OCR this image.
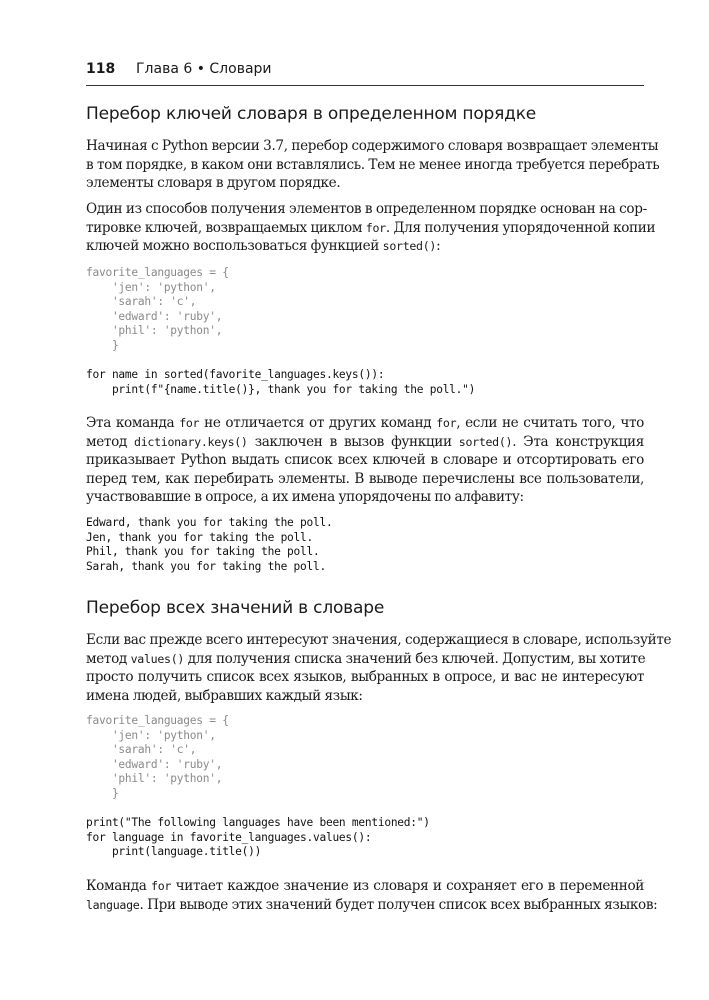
118 Глава 6 • Словари
Перебор ключей словаря в определенном порядке
Начиная с Python версии 3.7, перебор содержимого словаря возвращает элементы
в том порядке, в каком они вставлялись. Тем не менее иногда требуется перебрать
элементы словаря в другом порядке.
Один из способов получения элементов в определенном порядке основан на сор-
тировке ключей, возвращаемых циклом for. Для получения упорядоченной копии
ключей можно воспользоваться функцией sorted():
favorite_languages = {
'jen': 'python',
'sarah': 'c',
'edward': 'ruby',
'phil': 'python',
}
for name in sorted(favorite_languages.keys()):
print(f"{name.title()}, thank you for taking the poll.")
Эта команда for не отличается от других команд for, если не считать того, что
метод dictionary.keys() заключен в вызов функции sorted(). Эта конструкция
приказывает Python выдать список всех ключей в словаре и отсортировать его
перед тем, как перебирать элементы. В выводе перечислены все пользователи,
участвовавшие в опросе, а их имена упорядочены по алфавиту:
Edward, thank you for taking the poll.
Jen, thank you for taking the poll.
Phil, thank you for taking the poll.
Sarah, thank you for taking the poll.
Перебор всех значений в словаре
Если вас прежде всего интересуют значения, содержащиеся в словаре, используйте
метод values() для получения списка значений без ключей. Допустим, вы хотите
просто получить список всех языков, выбранных в опросе, и вас не интересуют
имена людей, выбравших каждый язык:
favorite_languages = {
'jen': 'python',
'sarah': 'c',
'edward': 'ruby',
'phil': 'python',
}
print("The following languages have been mentioned:")
for language in favorite_languages.values():
print(language.title())
Команда for читает каждое значение из словаря и сохраняет его в переменной
language. При выводе этих значений будет получен список всех выбранных языков:
